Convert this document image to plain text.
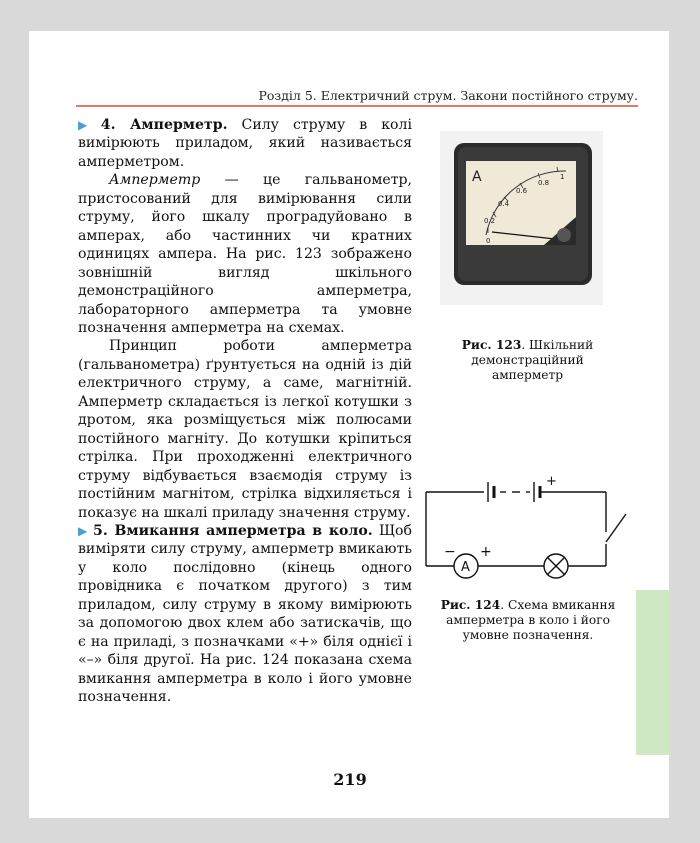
Розділ 5. Електричний струм. Закони постійного струму.

▶ 4. Амперметр. Силу струму в колі вимірюють приладом, який називається амперметром.

Амперметр — це гальванометр, пристосований для вимірювання сили струму, його шкалу проградуйовано в амперах, або частинних чи кратних одиницях ампера. На рис. 123 зображено зовнішній вигляд шкільного демонстраційного амперметра, лабораторного амперметра та умовне позначення амперметра на схемах.

Принцип роботи амперметра (гальванометра) ґрунтується на одній із дій електричного струму, а саме, магнітній. Амперметр складається із легкої котушки з дротом, яка розміщується між полюсами постійного магніту. До котушки кріпиться стрілка. При проходженні електричного струму відбувається взаємодія струму із постійним магнітом, стрілка відхиляється і показує на шкалі приладу значення струму.

▶ 5. Вмикання амперметра в коло. Щоб виміряти силу струму, амперметр вмикають у коло послідовно (кінець одного провідника є початком другого) з тим приладом, силу струму в якому вимірюють за допомогою двох клем або затискачів, що є на приладі, з позначками «+» біля однієї і «–» біля другої. На рис. 124 показана схема вмикання амперметра в коло і його умовне позначення.

A
0
0.2
0.4
0.6
0.8
1
Рис. 123. Шкільний демонстраційний амперметр
+
− +
A
Рис. 124. Схема вмикання амперметра в коло і його умовне позначення.
219
